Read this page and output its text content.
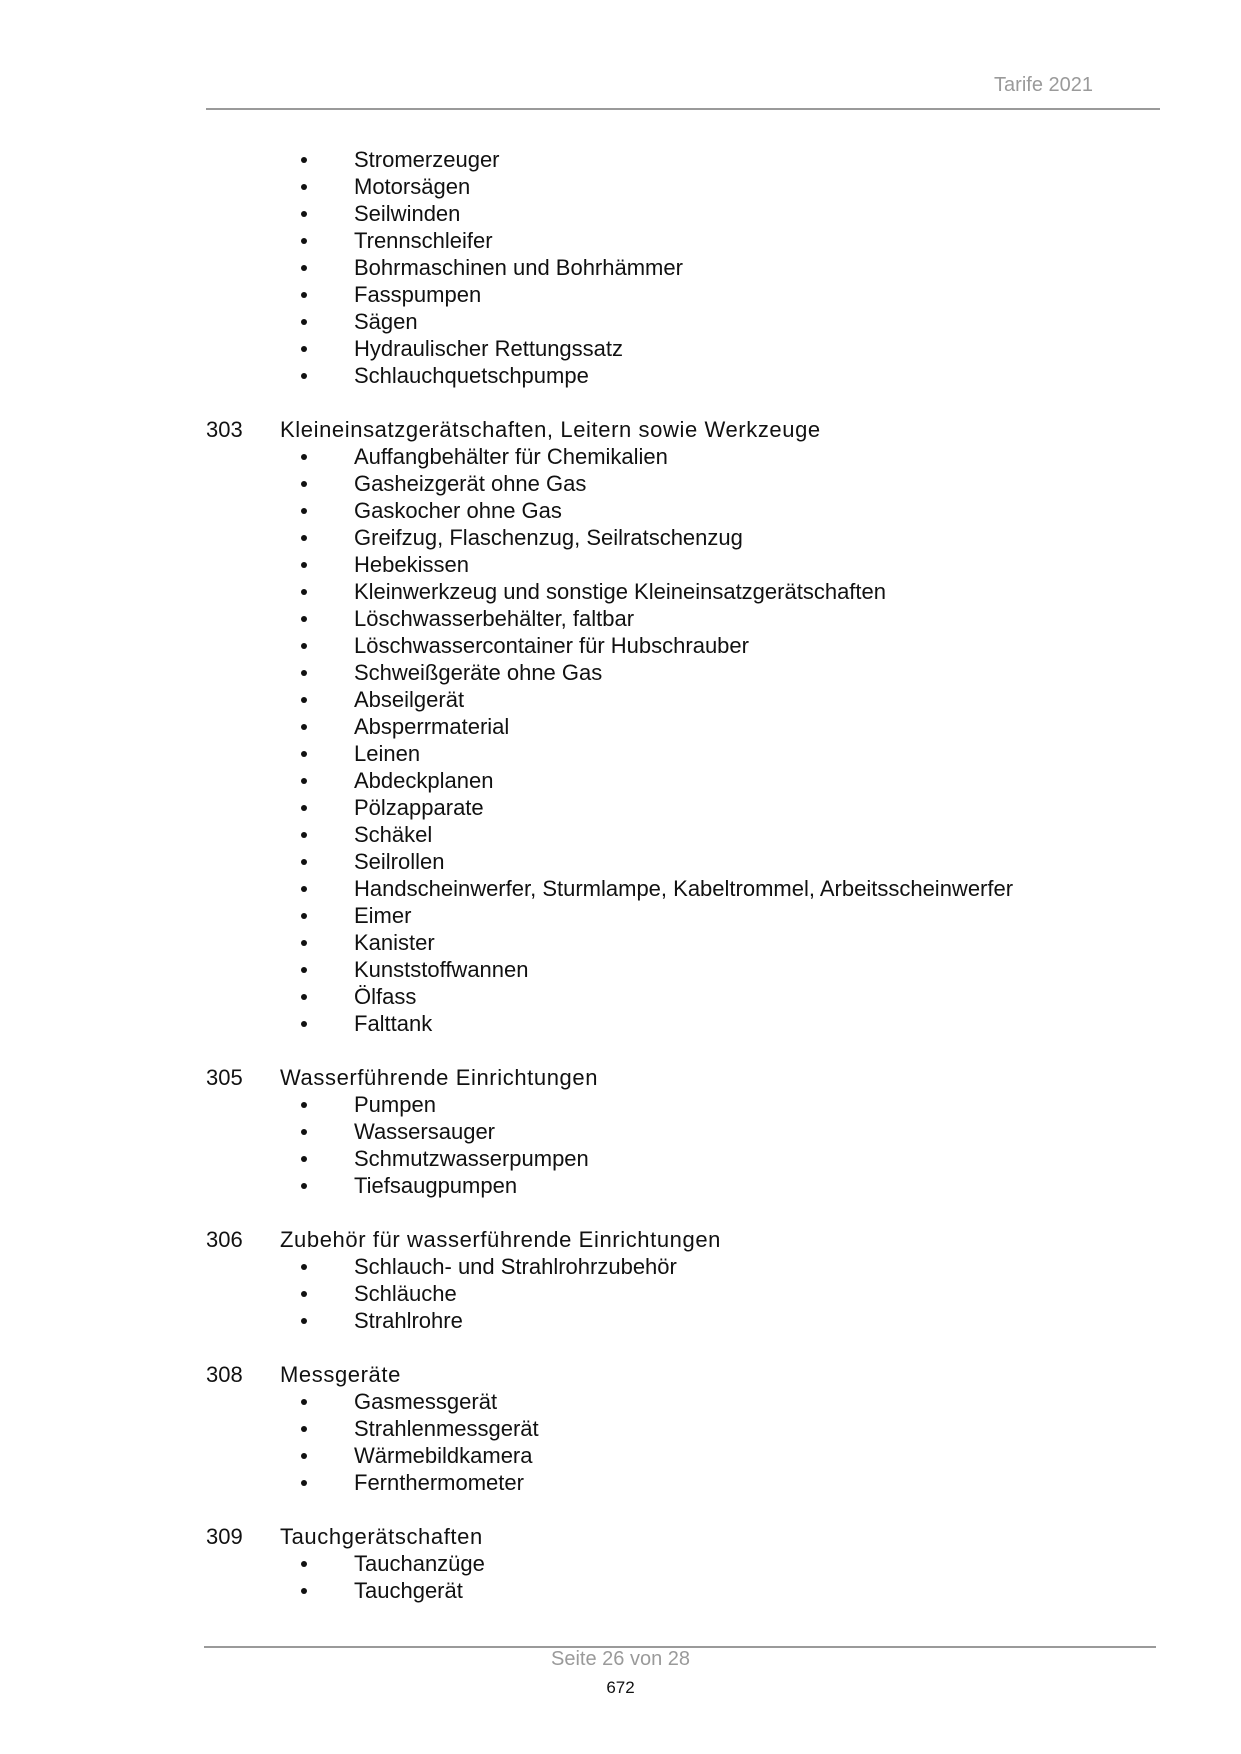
Tarife 2021
Stromerzeuger
Motorsägen
Seilwinden
Trennschleifer
Bohrmaschinen und Bohrhämmer
Fasspumpen
Sägen
Hydraulischer Rettungssatz
Schlauchquetschpumpe
303 Kleineinsatzgerätschaften, Leitern sowie Werkzeuge
Auffangbehälter für Chemikalien
Gasheizgerät ohne Gas
Gaskocher ohne Gas
Greifzug, Flaschenzug, Seilratschenzug
Hebekissen
Kleinwerkzeug und sonstige Kleineinsatzgerätschaften
Löschwasserbehälter, faltbar
Löschwassercontainer für Hubschrauber
Schweißgeräte ohne Gas
Abseilgerät
Absperrmaterial
Leinen
Abdeckplanen
Pölzapparate
Schäkel
Seilrollen
Handscheinwerfer, Sturmlampe, Kabeltrommel, Arbeitsscheinwerfer
Eimer
Kanister
Kunststoffwannen
Ölfass
Falttank
305 Wasserführende Einrichtungen
Pumpen
Wassersauger
Schmutzwasserpumpen
Tiefsaugpumpen
306 Zubehör für wasserführende Einrichtungen
Schlauch- und Strahlrohrzubehör
Schläuche
Strahlrohre
308 Messgeräte
Gasmessgerät
Strahlenmessgerät
Wärmebildkamera
Fernthermometer
309 Tauchgerätschaften
Tauchanzüge
Tauchgerät
Seite 26 von 28
672
